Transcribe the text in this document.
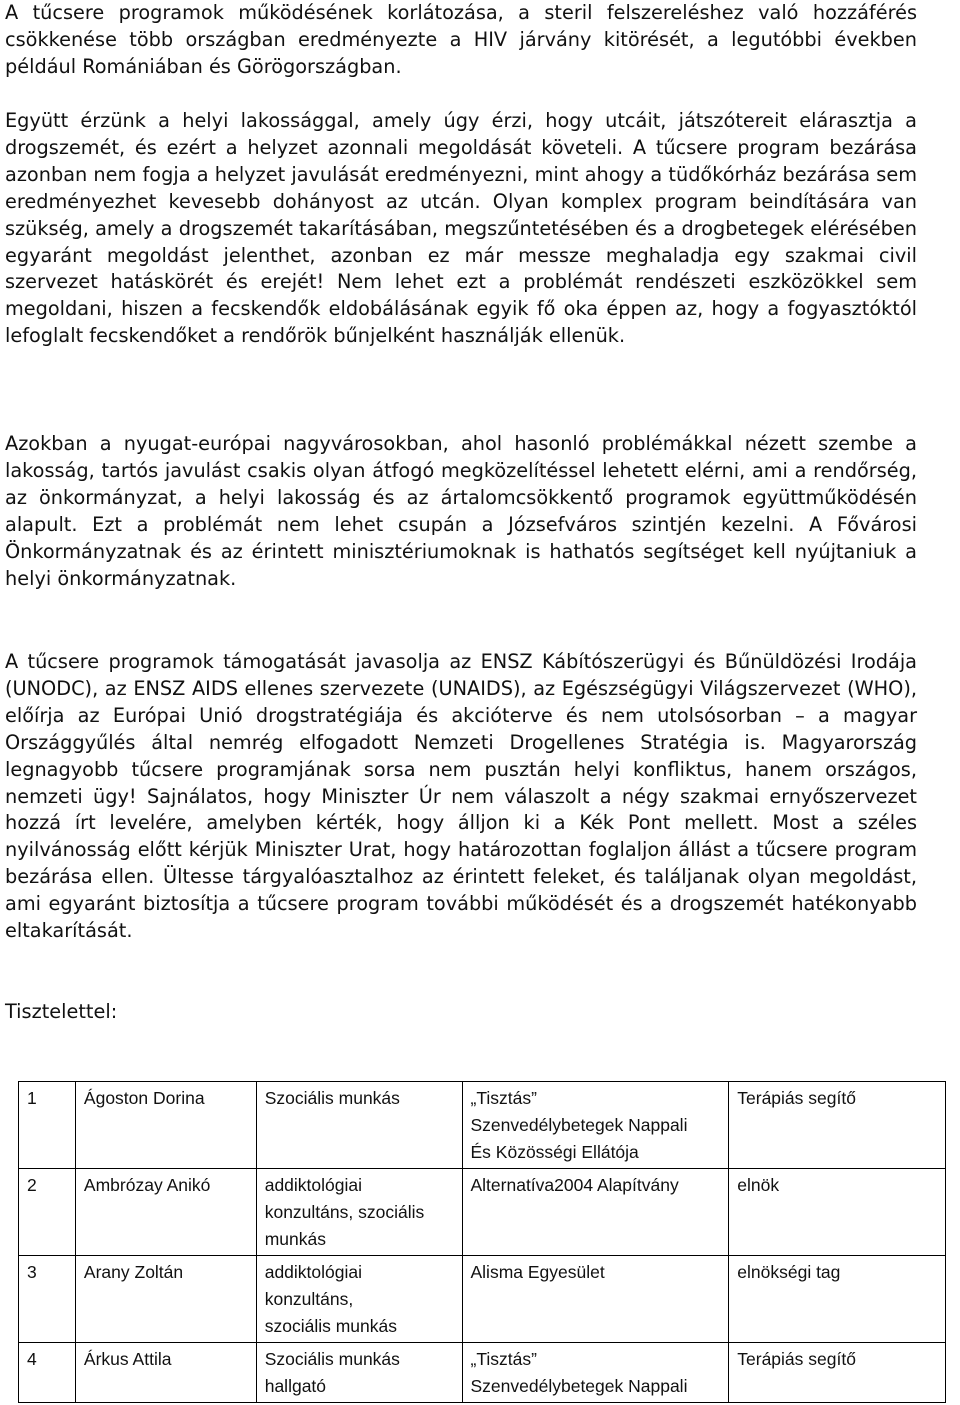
A tűcsere programok működésének korlátozása, a steril felszereléshez való hozzáférés csökkenése több országban eredményezte a HIV járvány kitörését, a legutóbbi években például Romániában és Görögországban.

Együtt érzünk a helyi lakossággal, amely úgy érzi, hogy utcáit, játszótereit elárasztja a drogszemét, és ezért a helyzet azonnali megoldását követeli. A tűcsere program bezárása azonban nem fogja a helyzet javulását eredményezni, mint ahogy a tüdőkórház bezárása sem eredményezhet kevesebb dohányost az utcán. Olyan komplex program beindítására van szükség, amely a drogszemét takarításában, megszűntetésében és a drogbetegek elérésében egyaránt megoldást jelenthet, azonban ez már messze meghaladja egy szakmai civil szervezet hatáskörét és erejét! Nem lehet ezt a problémát rendészeti eszközökkel sem megoldani, hiszen a fecskendők eldobálásának egyik fő oka éppen az, hogy a fogyasztóktól lefoglalt fecskendőket a rendőrök bűnjelként használják ellenük.

Azokban a nyugat-európai nagyvárosokban, ahol hasonló problémákkal nézett szembe a lakosság, tartós javulást csakis olyan átfogó megközelítéssel lehetett elérni, ami a rendőrség, az önkormányzat, a helyi lakosság és az ártalomcsökkentő programok együttműködésén alapult. Ezt a problémát nem lehet csupán a Józsefváros szintjén kezelni. A Fővárosi Önkormányzatnak és az érintett minisztériumoknak is hathatós segítséget kell nyújtaniuk a helyi önkormányzatnak.

A tűcsere programok támogatását javasolja az ENSZ Kábítószerügyi és Bűnüldözési Irodája (UNODC), az ENSZ AIDS ellenes szervezete (UNAIDS), az Egészségügyi Világszervezet (WHO), előírja az Európai Unió drogstratégiája és akcióterve és nem utolsósorban – a magyar Országgyűlés által nemrég elfogadott Nemzeti Drogellenes Stratégia is. Magyarország legnagyobb tűcsere programjának sorsa nem pusztán helyi konfliktus, hanem országos, nemzeti ügy! Sajnálatos, hogy Miniszter Úr nem válaszolt a négy szakmai ernyőszervezet hozzá írt levelére, amelyben kérték, hogy álljon ki a Kék Pont mellett. Most a széles nyilvánosság előtt kérjük Miniszter Urat, hogy határozottan foglaljon állást a tűcsere program bezárása ellen. Ültesse tárgyalóasztalhoz az érintett feleket, és találjanak olyan megoldást, ami egyaránt biztosítja a tűcsere program további működését és a drogszemét hatékonyabb eltakarítását.

Tisztelettel:
1	Ágoston Dorina	Szociális munkás	„Tisztás”
Szenvedélybetegek Nappali
És Közösségi Ellátója	Terápiás segítő
2	Ambrózay Anikó	addiktológiai
konzultáns, szociális
munkás	Alternatíva2004 Alapítvány	elnök
3	Arany Zoltán	addiktológiai
konzultáns,
szociális munkás	Alisma Egyesület	elnökségi tag
4	Árkus Attila	Szociális munkás
hallgató	„Tisztás”
Szenvedélybetegek Nappali	Terápiás segítő
